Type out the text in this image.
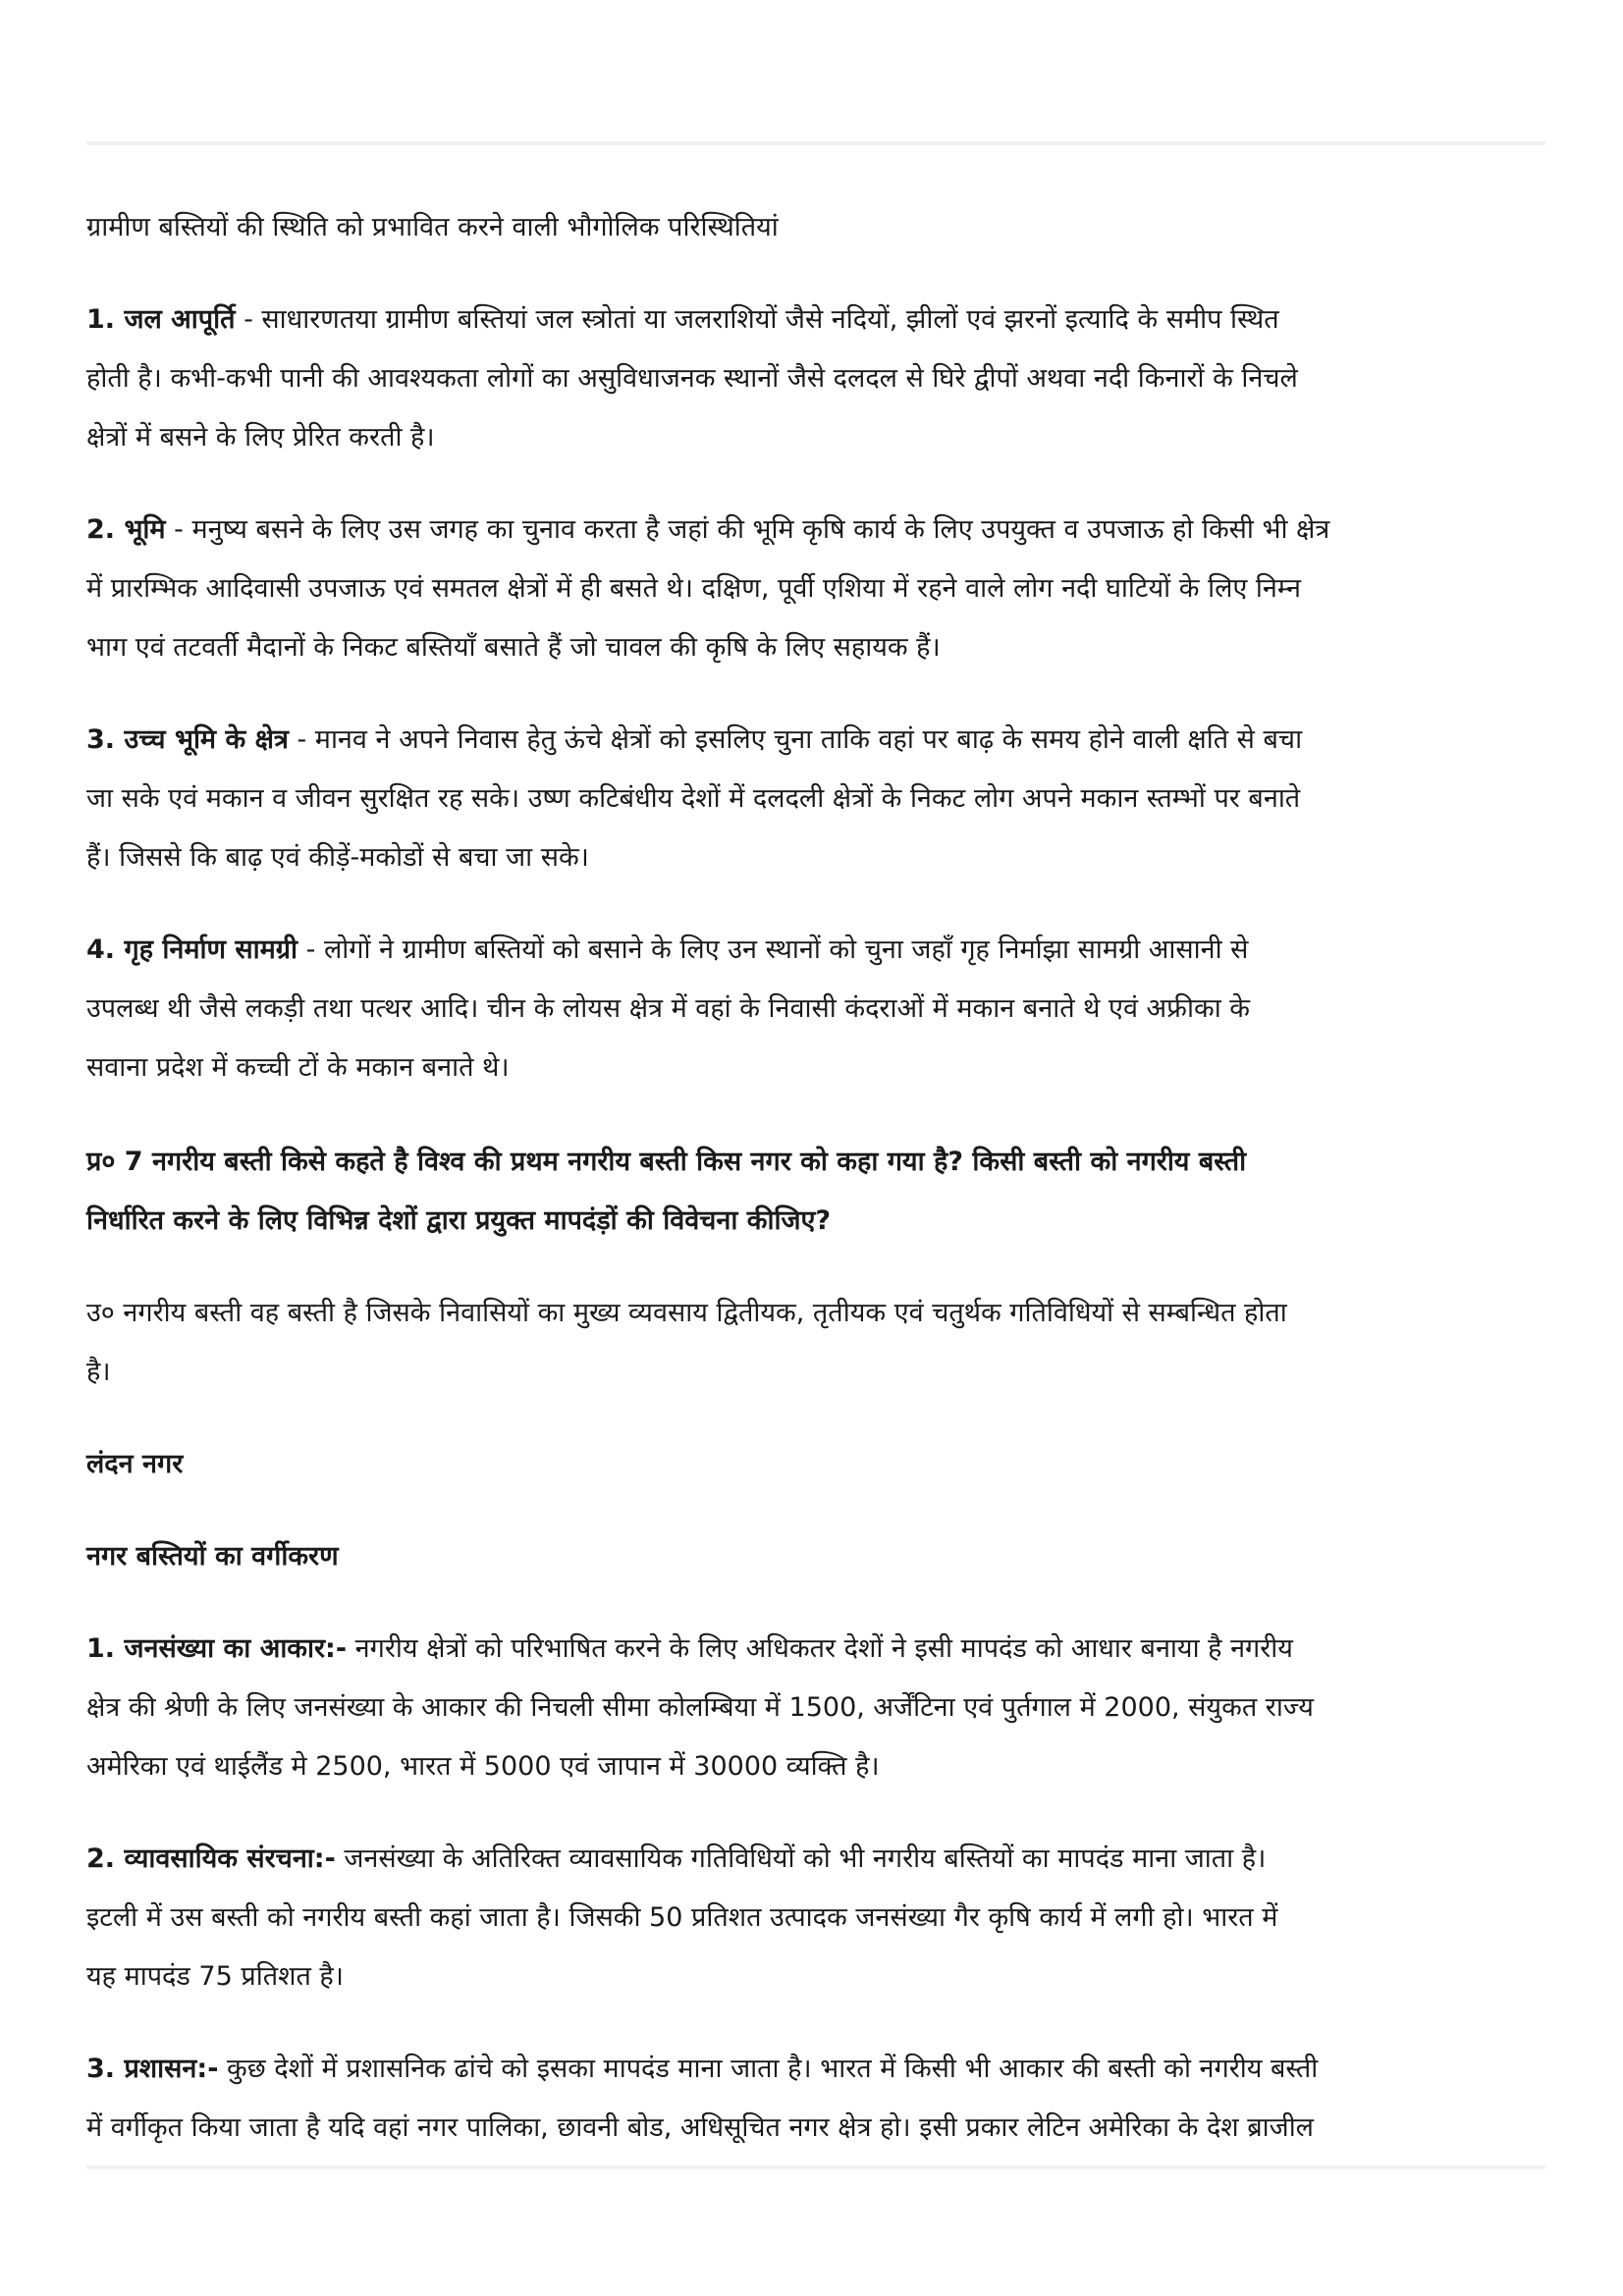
ग्रामीण बस्तियों की स्थिति को प्रभावित करने वाली भौगोलिक परिस्थितियां

1. जल आपूर्ति - साधारणतया ग्रामीण बस्तियां जल स्त्रोतां या जलराशियों जैसे नदियों, झीलों एवं झरनों इत्यादि के समीप स्थित
होती है। कभी-कभी पानी की आवश्यकता लोगों का असुविधाजनक स्थानों जैसे दलदल से घिरे द्वीपों अथवा नदी किनारों के निचले
क्षेत्रों में बसने के लिए प्रेरित करती है।

2. भूमि - मनुष्य बसने के लिए उस जगह का चुनाव करता है जहां की भूमि कृषि कार्य के लिए उपयुक्त व उपजाऊ हो किसी भी क्षेत्र
में प्रारम्भिक आदिवासी उपजाऊ एवं समतल क्षेत्रों में ही बसते थे। दक्षिण, पूर्वी एशिया में रहने वाले लोग नदी घाटियों के लिए निम्न
भाग एवं तटवर्ती मैदानों के निकट बस्तियाँ बसाते हैं जो चावल की कृषि के लिए सहायक हैं।

3. उच्च भूमि के क्षेत्र - मानव ने अपने निवास हेतु ऊंचे क्षेत्रों को इसलिए चुना ताकि वहां पर बाढ़ के समय होने वाली क्षति से बचा
जा सके एवं मकान व जीवन सुरक्षित रह सके। उष्ण कटिबंधीय देशों में दलदली क्षेत्रों के निकट लोग अपने मकान स्तम्भों पर बनाते
हैं। जिससे कि बाढ़ एवं कीड़ें-मकोडों से बचा जा सके।

4. गृह निर्माण सामग्री - लोगों ने ग्रामीण बस्तियों को बसाने के लिए उन स्थानों को चुना जहाँ गृह निर्माझा सामग्री आसानी से
उपलब्ध थी जैसे लकड़ी तथा पत्थर आदि। चीन के लोयस क्षेत्र में वहां के निवासी कंदराओं में मकान बनाते थे एवं अफ्रीका के
सवाना प्रदेश में कच्ची टों के मकान बनाते थे।

प्र० 7 नगरीय बस्ती किसे कहते है विश्व की प्रथम नगरीय बस्ती किस नगर को कहा गया है? किसी बस्ती को नगरीय बस्ती
निर्धारित करने के लिए विभिन्न देशों द्वारा प्रयुक्त मापदंड़ों की विवेचना कीजिए?

उ० नगरीय बस्ती वह बस्ती है जिसके निवासियों का मुख्य व्यवसाय द्वितीयक, तृतीयक एवं चतुर्थक गतिविधियों से सम्बन्धित होता
है।

लंदन नगर

नगर बस्तियों का वर्गीकरण

1. जनसंख्या का आकार:- नगरीय क्षेत्रों को परिभाषित करने के लिए अधिकतर देशों ने इसी मापदंड को आधार बनाया है नगरीय
क्षेत्र की श्रेणी के लिए जनसंख्या के आकार की निचली सीमा कोलम्बिया में 1500, अर्जेंटिना एवं पुर्तगाल में 2000, संयुकत राज्य
अमेरिका एवं थाईलैंड मे 2500, भारत में 5000 एवं जापान में 30000 व्यक्ति है।

2. व्यावसायिक संरचना:- जनसंख्या के अतिरिक्त व्यावसायिक गतिविधियों को भी नगरीय बस्तियों का मापदंड माना जाता है।
इटली में उस बस्ती को नगरीय बस्ती कहां जाता है। जिसकी 50 प्रतिशत उत्पादक जनसंख्या गैर कृषि कार्य में लगी हो। भारत में
यह मापदंड 75 प्रतिशत है।

3. प्रशासन:- कुछ देशों में प्रशासनिक ढांचे को इसका मापदंड माना जाता है। भारत में किसी भी आकार की बस्ती को नगरीय बस्ती
में वर्गीकृत किया जाता है यदि वहां नगर पालिका, छावनी बोड, अधिसूचित नगर क्षेत्र हो। इसी प्रकार लेटिन अमेरिका के देश ब्राजील
